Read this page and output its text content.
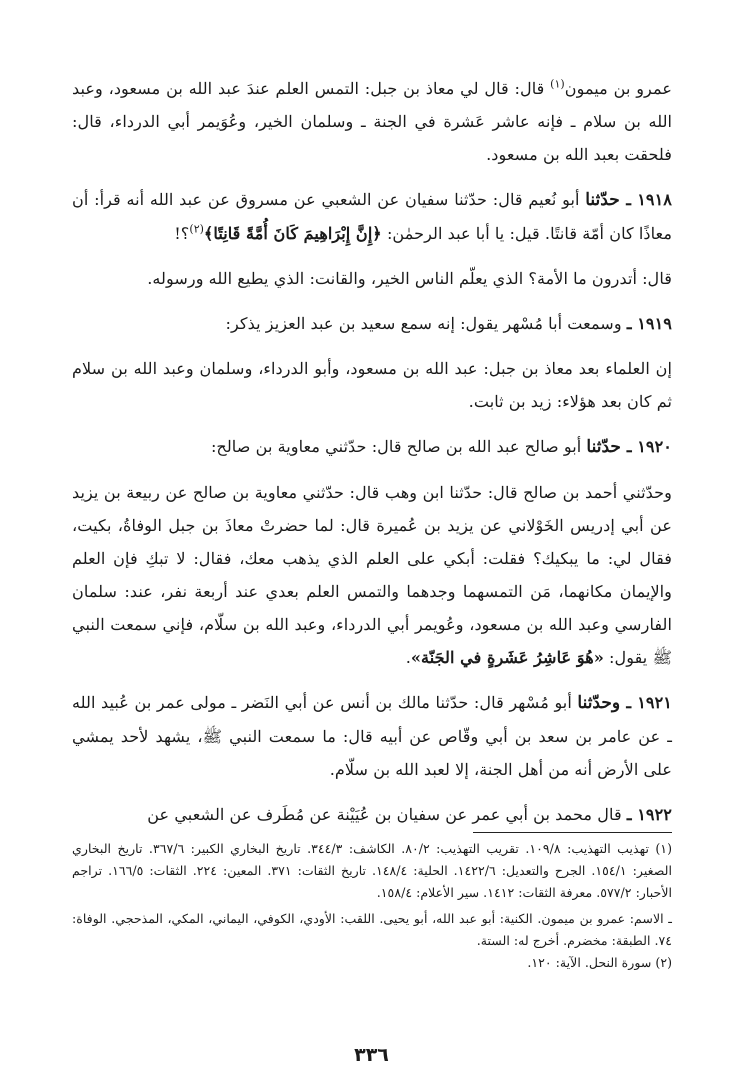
عمرو بن ميمون$^{(١)}$ قال: قال لي معاذ بن جبل: التمس العلم عندَ عبد الله بن مسعود، وعبد الله بن سلام ـ فإنه عاشر عَشرة في الجنة ـ وسلمان الخير، وعُوَيمر أبي الدرداء، قال: فلحقت بعبد الله بن مسعود.

١٩١٨ ـ حدّثنا أبو نُعيم قال: حدّثنا سفيان عن الشعبي عن مسروق عن عبد الله أنه قرأ: أن معاذًا كان أمّة قانتًا. قيل: يا أبا عبد الرحمٰن: ﴿إِنَّ إِبْرَاهِيمَ كَانَ أُمَّةً قَانِتًا﴾$^{(٢)}$؟!

قال: أتدرون ما الأمة؟ الذي يعلّم الناس الخير، والقانت: الذي يطيع الله ورسوله.

١٩١٩ ـ وسمعت أبا مُسْهر يقول: إنه سمع سعيد بن عبد العزيز يذكر:

إن العلماء بعد معاذ بن جبل: عبد الله بن مسعود، وأبو الدرداء، وسلمان وعبد الله بن سلام ثم كان بعد هؤلاء: زيد بن ثابت.

١٩٢٠ ـ حدّثنا أبو صالح عبد الله بن صالح قال: حدّثني معاوية بن صالح:

وحدّثني أحمد بن صالح قال: حدّثنا ابن وهب قال: حدّثني معاوية بن صالح عن ربيعة بن يزيد عن أبي إدريس الخَوْلاني عن يزيد بن عُميرة قال: لما حضرتْ معاذَ بن جبل الوفاةُ، بكيت، فقال لي: ما يبكيك؟ فقلت: أبكي على العلم الذي يذهب معك، فقال: لا تبكِ فإن العلم والإيمان مكانهما، مَن التمسهما وجدهما والتمس العلم بعدي عند أربعة نفر، عند: سلمان الفارسي وعبد الله بن مسعود، وعُويمر أبي الدرداء، وعبد الله بن سلّام، فإني سمعت النبي ﷺ يقول: «هُوَ عَاشِرُ عَشَرةٍ في الجَنّة».

١٩٢١ ـ وحدّثنا أبو مُسْهر قال: حدّثنا مالك بن أنس عن أبي النَضر ـ مولى عمر بن عُبيد الله ـ عن عامر بن سعد بن أبي وقّاص عن أبيه قال: ما سمعت النبي ﷺ، يشهد لأحد يمشي على الأرض أنه من أهل الجنة، إلا لعبد الله بن سلّام.

١٩٢٢ ـ قال محمد بن أبي عمر عن سفيان بن عُيَيْنة عن مُطَرف عن الشعبي عن

(١) تهذيب التهذيب: ١٠٩/٨. تقريب التهذيب: ٨٠/٢. الكاشف: ٣٤٤/٣. تاريخ البخاري الكبير: ٣٦٧/٦. تاريخ البخاري الصغير: ١٥٤/١. الجرح والتعديل: ١٤٢٢/٦. الحلية: ١٤٨/٤. تاريخ الثقات: ٣٧١. المعين: ٢٢٤. الثقات: ١٦٦/٥. تراجم الأحبار: ٥٧٧/٢. معرفة الثقات: ١٤١٢. سير الأعلام: ١٥٨/٤.

ـ الاسم: عمرو بن ميمون. الكنية: أبو عبد الله، أبو يحيى. اللقب: الأودي، الكوفي، اليماني، المكي، المذحجي. الوفاة: ٧٤. الطبقة: مخضرم. أخرج له: الستة.

(٢) سورة النحل. الآية: ١٢٠.

٣٣٦
